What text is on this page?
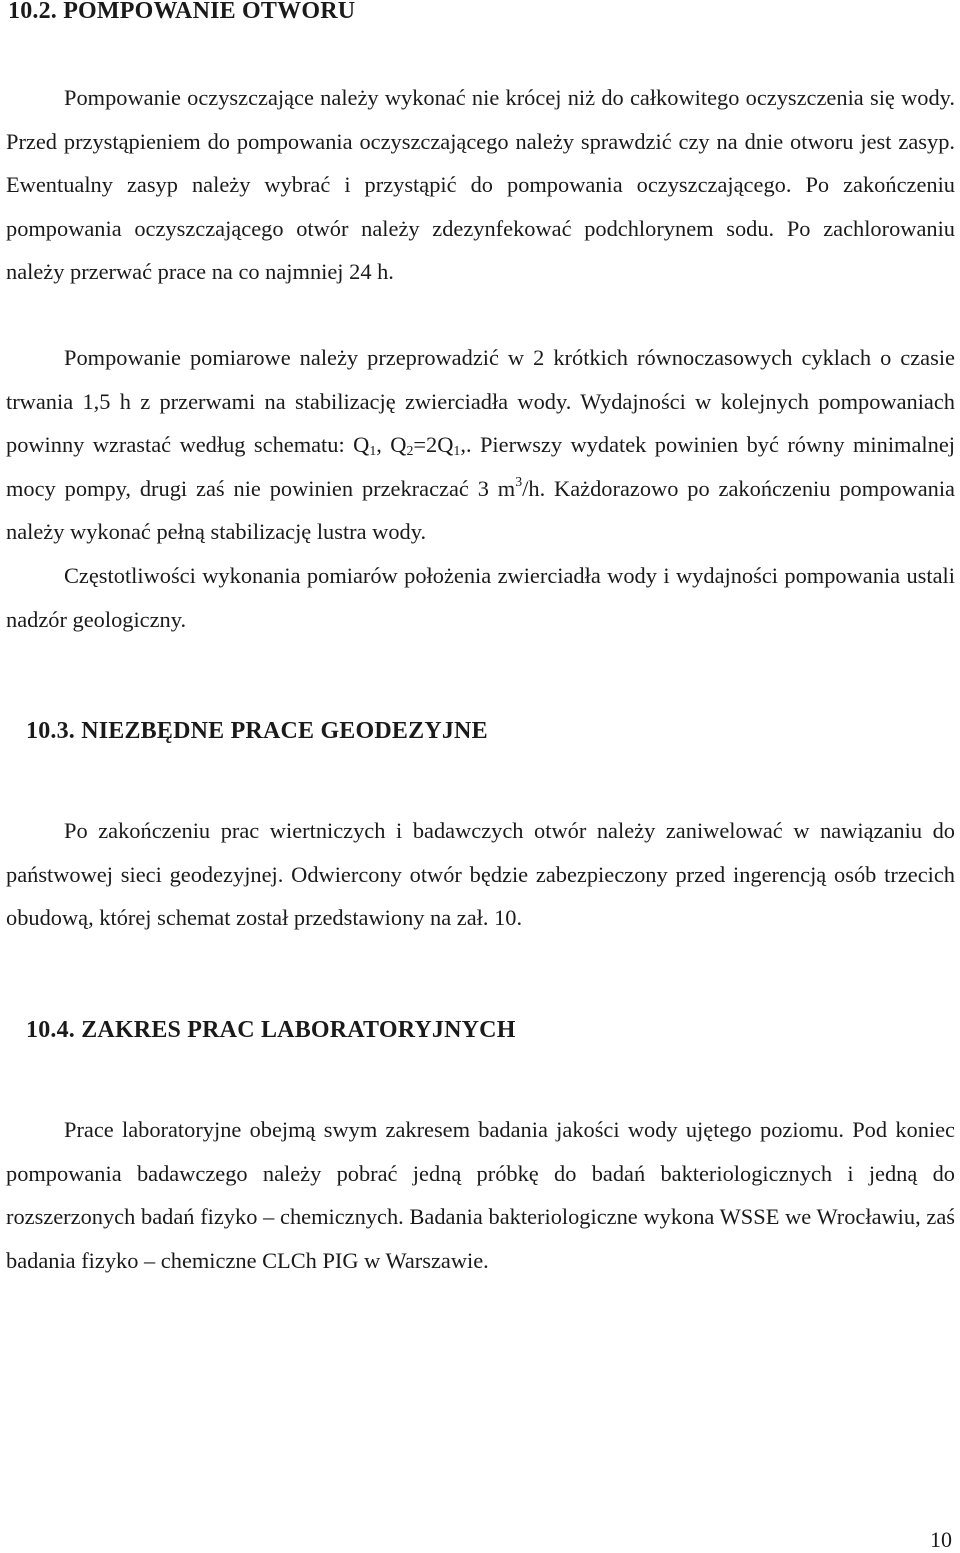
10.2. POMPOWANIE OTWORU

Pompowanie oczyszczające należy wykonać nie krócej niż do całkowitego oczyszczenia się wody. Przed przystąpieniem do pompowania oczyszczającego należy sprawdzić czy na dnie otworu jest zasyp. Ewentualny zasyp należy wybrać i przystąpić do pompowania oczyszczającego. Po zakończeniu pompowania oczyszczającego otwór należy zdezynfekować podchlorynem sodu. Po zachlorowaniu należy przerwać prace na co najmniej 24 h.

Pompowanie pomiarowe należy przeprowadzić w 2 krótkich równoczasowych cyklach o czasie trwania 1,5 h z przerwami na stabilizację zwierciadła wody. Wydajności w kolejnych pompowaniach powinny wzrastać według schematu: $Q_1$, $Q_2=2Q_1$,. Pierwszy wydatek powinien być równy minimalnej mocy pompy, drugi zaś nie powinien przekraczać 3 $m^3/h$. Każdorazowo po zakończeniu pompowania należy wykonać pełną stabilizację lustra wody.

Częstotliwości wykonania pomiarów położenia zwierciadła wody i wydajności pompowania ustali nadzór geologiczny.

10.3. NIEZBĘDNE PRACE GEODEZYJNE

Po zakończeniu prac wiertniczych i badawczych otwór należy zaniwelować w nawiązaniu do państwowej sieci geodezyjnej. Odwiercony otwór będzie zabezpieczony przed ingerencją osób trzecich obudową, której schemat został przedstawiony na zał. 10.

10.4. ZAKRES PRAC LABORATORYJNYCH

Prace laboratoryjne obejmą swym zakresem badania jakości wody ujętego poziomu. Pod koniec pompowania badawczego należy pobrać jedną próbkę do badań bakteriologicznych i jedną do rozszerzonych badań fizyko – chemicznych. Badania bakteriologiczne wykona WSSE we Wrocławiu, zaś badania fizyko – chemiczne CLCh PIG w Warszawie.

10
